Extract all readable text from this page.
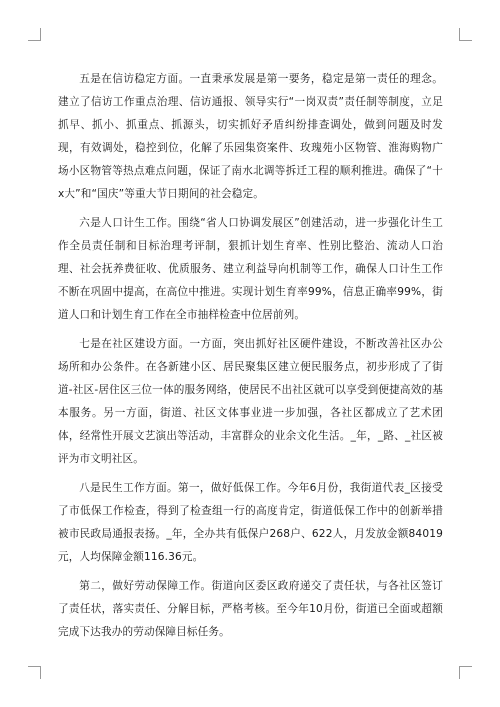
五是在信访稳定方面。一直秉承发展是第一要务，稳定是第一责任的理念。建立了信访工作重点治理、信访通报、领导实行“一岗双责”责任制等制度，立足抓早、抓小、抓重点、抓源头，切实抓好矛盾纠纷排查调处，做到问题及时发现，有效调处，稳控到位，化解了乐园集资案件、玫瑰苑小区物管、淮海购物广场小区物管等热点难点问题，保证了南水北调等拆迁工程的顺利推进。确保了“十x大”和“国庆”等重大节日期间的社会稳定。

六是人口计生工作。围绕“省人口协调发展区”创建活动，进一步强化计生工作全员责任制和目标治理考评制，狠抓计划生育率、性别比整治、流动人口治理、社会抚养费征收、优质服务、建立利益导向机制等工作，确保人口计生工作不断在巩固中提高，在高位中推进。实现计划生育率99%，信息正确率99%，街道人口和计划生育工作在全市抽样检查中位居前列。

七是在社区建设方面。一方面，突出抓好社区硬件建设，不断改善社区办公场所和办公条件。在各新建小区、居民聚集区建立便民服务点，初步形成了了街道-社区-居住区三位一体的服务网络，使居民不出社区就可以享受到便捷高效的基本服务。另一方面，街道、社区文体事业进一步加强，各社区都成立了艺术团体，经常性开展文艺演出等活动，丰富群众的业余文化生活。_年，_路、_社区被评为市文明社区。

八是民生工作方面。第一，做好低保工作。今年6月份，我街道代表_区接受了市低保工作检查，得到了检查组一行的高度肯定，街道低保工作中的创新举措被市民政局通报表扬。_年，全办共有低保户268户、622人，月发放金额84019元，人均保障金额116.36元。

第二，做好劳动保障工作。街道向区委区政府递交了责任状，与各社区签订了责任状，落实责任、分解目标，严格考核。至今年10月份，街道已全面或超额完成下达我办的劳动保障目标任务。
